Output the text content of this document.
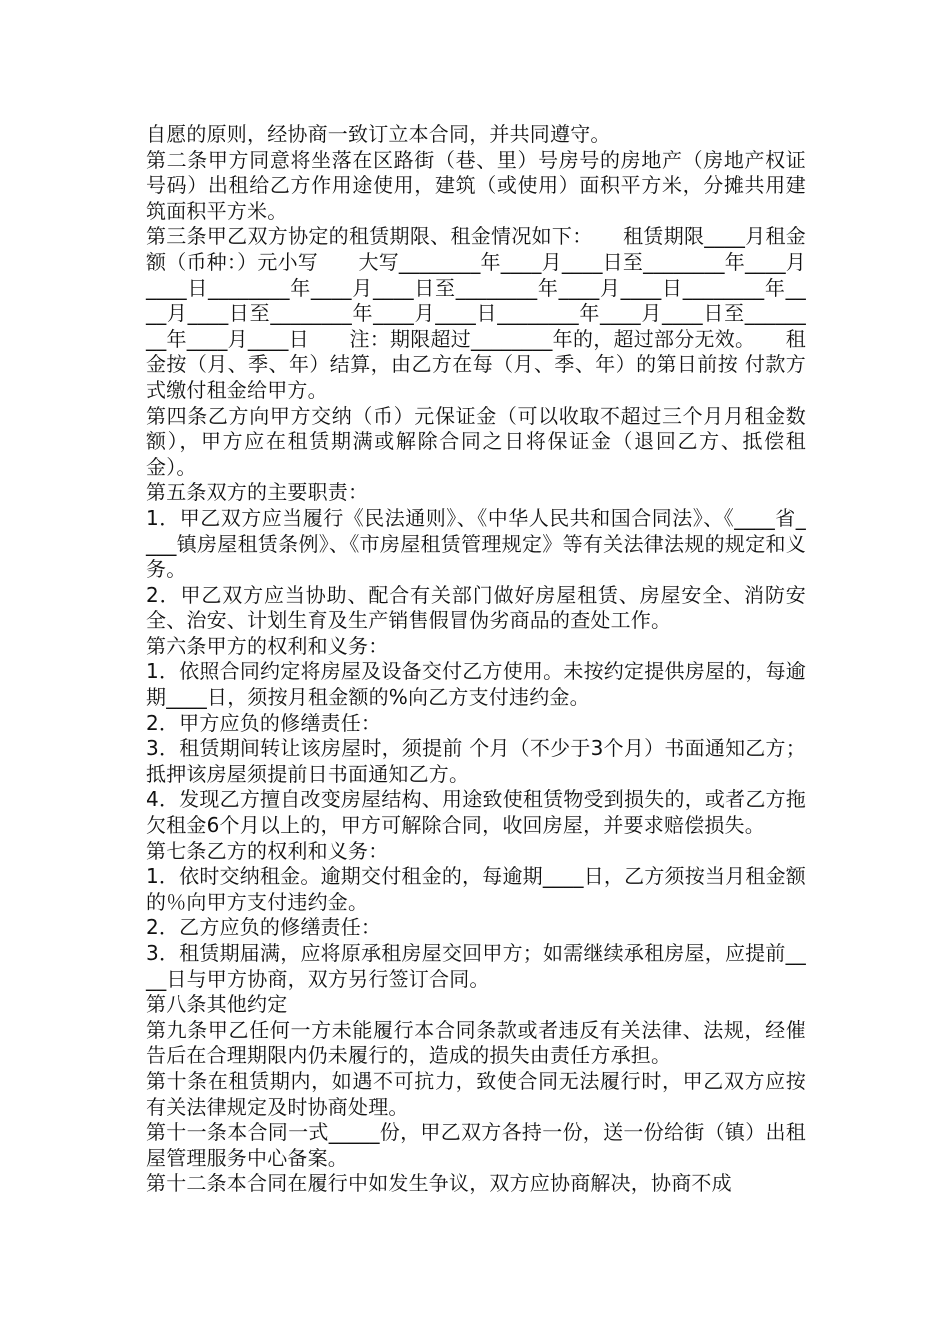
自愿的原则，经协商一致订立本合同，并共同遵守。

第二条甲方同意将坐落在区路街（巷、里）号房号的房地产（房地产权证号码）出租给乙方作用途使用，建筑（或使用）面积平方米，分摊共用建筑面积平方米。

第三条甲乙双方协定的租赁期限、租金情况如下：　　租赁期限____月租金额（币种：）元小写　　大写________年____月____日至________年____月____日________年____月____日至________年____月____日________年____月____日至________年____月____日________年____月____日至________年____月____日　　注：期限超过________年的，超过部分无效。　　租金按（月、季、年）结算，由乙方在每（月、季、年）的第日前按 付款方式缴付租金给甲方。

第四条乙方向甲方交纳（币）元保证金（可以收取不超过三个月月租金数额），甲方应在租赁期满或解除合同之日将保证金（退回乙方、抵偿租金）。

第五条双方的主要职责：

1．甲乙双方应当履行《民法通则》、《中华人民共和国合同法》、《____省____镇房屋租赁条例》、《市房屋租赁管理规定》等有关法律法规的规定和义务。

2．甲乙双方应当协助、配合有关部门做好房屋租赁、房屋安全、消防安全、治安、计划生育及生产销售假冒伪劣商品的查处工作。

第六条甲方的权利和义务：

1．依照合同约定将房屋及设备交付乙方使用。未按约定提供房屋的，每逾期____日，须按月租金额的%向乙方支付违约金。

2．甲方应负的修缮责任：

3．租赁期间转让该房屋时，须提前 个月（不少于3个月）书面通知乙方；抵押该房屋须提前日书面通知乙方。

4．发现乙方擅自改变房屋结构、用途致使租赁物受到损失的，或者乙方拖欠租金6个月以上的，甲方可解除合同，收回房屋，并要求赔偿损失。

第七条乙方的权利和义务：

1．依时交纳租金。逾期交付租金的，每逾期____日，乙方须按当月租金额的％向甲方支付违约金。

2．乙方应负的修缮责任：

3．租赁期届满，应将原承租房屋交回甲方；如需继续承租房屋，应提前____日与甲方协商，双方另行签订合同。

第八条其他约定

第九条甲乙任何一方未能履行本合同条款或者违反有关法律、法规，经催告后在合理期限内仍未履行的，造成的损失由责任方承担。

第十条在租赁期内，如遇不可抗力，致使合同无法履行时，甲乙双方应按有关法律规定及时协商处理。

第十一条本合同一式_____份，甲乙双方各持一份，送一份给街（镇）出租屋管理服务中心备案。

第十二条本合同在履行中如发生争议，双方应协商解决，协商不成
